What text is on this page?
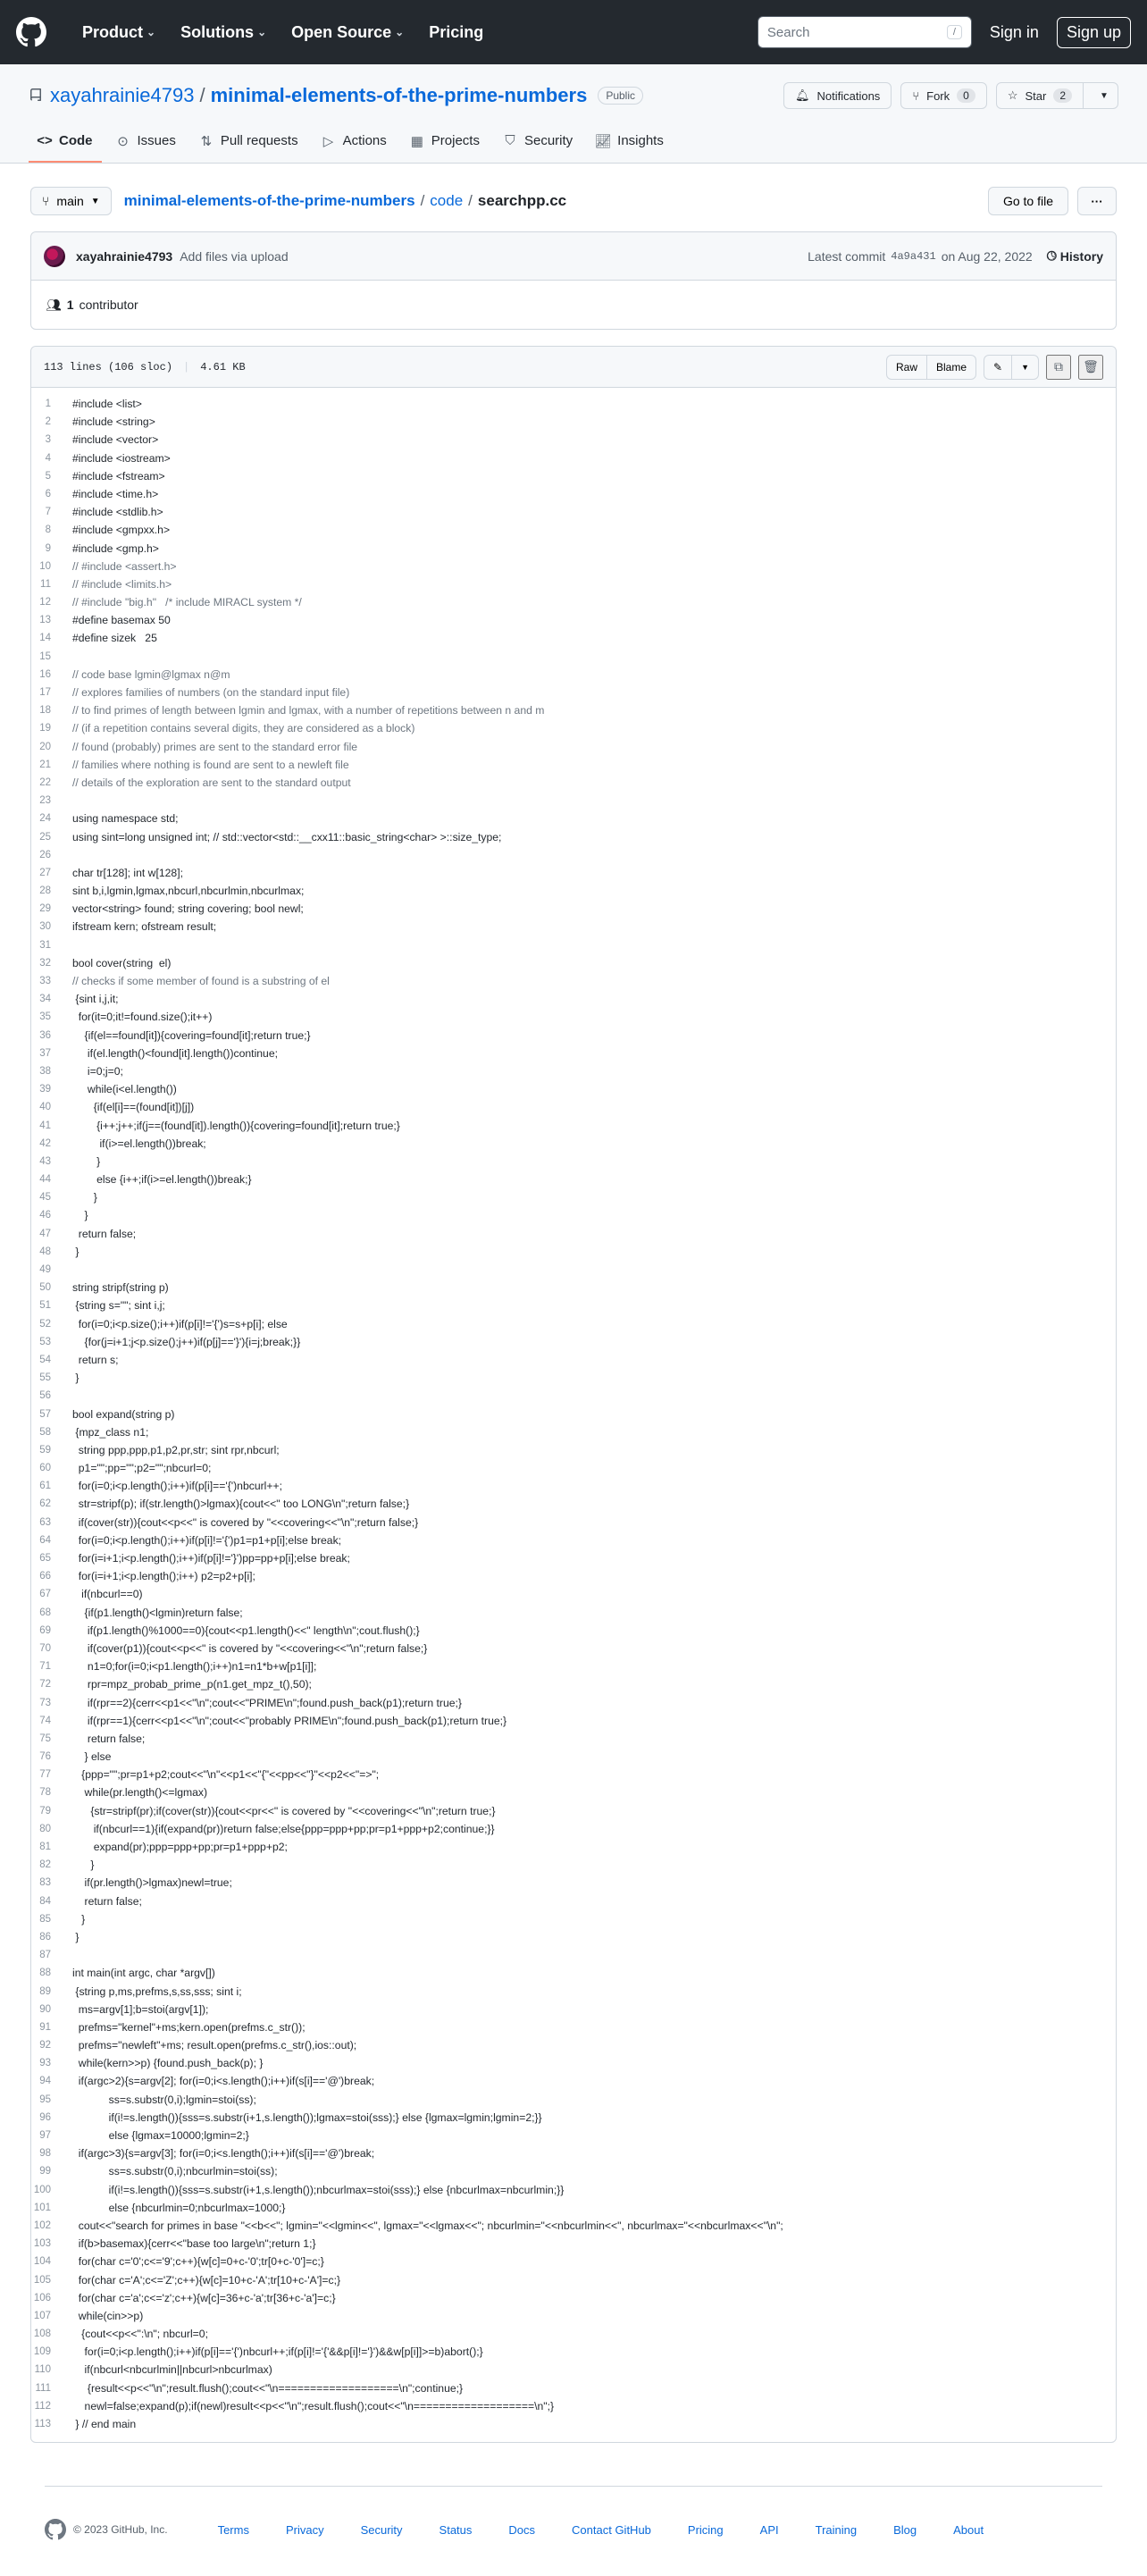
Product ⌄ Solutions ⌄ Open Source ⌄ Pricing
Search	/	Sign in	Sign up
xayahrainie4793 / minimal-elements-of-the-prime-numbers	Public	🔔︎ Notifications	⑂ Fork	0	☆ Star	2	▼
<> Code ⊙ Issues ⇅ Pull requests ▷ Actions ▦ Projects ⛉ Security 📈︎ Insights
⑂ main ▼ minimal-elements-of-the-prime-numbers / code / searchpp.cc	Go to file	···
xayahrainie4793 Add files via upload	Latest commit 4a9a431 on Aug 22, 2022 🕓︎ History
👥︎ 1 contributor
113 lines (106 sloc) | 4.61 KB	Raw	Blame	✎ ▼ ⧉ 🗑︎
1	#include <list>
2	#include <string>
3	#include <vector>
4	#include <iostream>
5	#include <fstream>
6	#include <time.h>
7	#include <stdlib.h>
8	#include <gmpxx.h>
9	#include <gmp.h>
10	// #include <assert.h>
11	// #include <limits.h>
12	// #include "big.h"   /* include MIRACL system */
13	#define basemax 50
14	#define sizek   25
15
16	// code base lgmin@lgmax n@m
17	// explores families of numbers (on the standard input file)
18	// to find primes of length between lgmin and lgmax, with a number of repetitions between n and m
19	// (if a repetition contains several digits, they are considered as a block)
20	// found (probably) primes are sent to the standard error file
21	// families where nothing is found are sent to a newleft file
22	// details of the exploration are sent to the standard output
23
24	using namespace std;
25	using sint=long unsigned int; // std::vector<std::__cxx11::basic_string<char> >::size_type;
26
27	char tr[128]; int w[128];
28	sint b,i,lgmin,lgmax,nbcurl,nbcurlmin,nbcurlmax;
29	vector<string> found; string covering; bool newl;
30	ifstream kern; ofstream result;
31
32	bool cover(string  el)
33	// checks if some member of found is a substring of el
34	{sint i,j,it;
35	for(it=0;it!=found.size();it++)
36	{if(el==found[it]){covering=found[it];return true;}
37	if(el.length()<found[it].length())continue;
38	i=0;j=0;
39	while(i<el.length())
40	{if(el[i]==(found[it])[j])
41	{i++;j++;if(j==(found[it]).length()){covering=found[it];return true;}
42	if(i>=el.length())break;
43	}
44	else {i++;if(i>=el.length())break;}
45	}
46	}
47	return false;
48	}
49
50	string stripf(string p)
51	{string s=""; sint i,j;
52	for(i=0;i<p.size();i++)if(p[i]!='{')s=s+p[i]; else
53	{for(j=i+1;j<p.size();j++)if(p[j]=='}'){i=j;break;}}
54	return s;
55	}
56
57	bool expand(string p)
58	{mpz_class n1;
59	string ppp,ppp,p1,p2,pr,str; sint rpr,nbcurl;
60	p1="";pp="";p2="";nbcurl=0;
61	for(i=0;i<p.length();i++)if(p[i]=='{')nbcurl++;
62	str=stripf(p); if(str.length()>lgmax){cout<<" too LONG\n";return false;}
63	if(cover(str)){cout<<p<<" is covered by "<<covering<<"\n";return false;}
64	for(i=0;i<p.length();i++)if(p[i]!='{')p1=p1+p[i];else break;
65	for(i=i+1;i<p.length();i++)if(p[i]!='}')pp=pp+p[i];else break;
66	for(i=i+1;i<p.length();i++) p2=p2+p[i];
67	if(nbcurl==0)
68	{if(p1.length()<lgmin)return false;
69	if(p1.length()%1000==0){cout<<p1.length()<<" length\n";cout.flush();}
70	if(cover(p1)){cout<<p<<" is covered by "<<covering<<"\n";return false;}
71	n1=0;for(i=0;i<p1.length();i++)n1=n1*b+w[p1[i]];
72	rpr=mpz_probab_prime_p(n1.get_mpz_t(),50);
73	if(rpr==2){cerr<<p1<<"\n";cout<<"PRIME\n";found.push_back(p1);return true;}
74	if(rpr==1){cerr<<p1<<"\n";cout<<"probably PRIME\n";found.push_back(p1);return true;}
75	return false;
76	} else
77	{ppp="";pr=p1+p2;cout<<"\n"<<p1<<"{"<<pp<<"}"<<p2<<"=>";
78	while(pr.length()<=lgmax)
79	{str=stripf(pr);if(cover(str)){cout<<pr<<" is covered by "<<covering<<"\n";return true;}
80	if(nbcurl==1){if(expand(pr))return false;else{ppp=ppp+pp;pr=p1+ppp+p2;continue;}}
81	expand(pr);ppp=ppp+pp;pr=p1+ppp+p2;
82	}
83	if(pr.length()>lgmax)newl=true;
84	return false;
85	}
86	}
87
88	int main(int argc, char *argv[])
89	{string p,ms,prefms,s,ss,sss; sint i;
90	ms=argv[1];b=stoi(argv[1]);
91	prefms="kernel"+ms;kern.open(prefms.c_str());
92	prefms="newleft"+ms; result.open(prefms.c_str(),ios::out);
93	while(kern>>p) {found.push_back(p); }
94	if(argc>2){s=argv[2]; for(i=0;i<s.length();i++)if(s[i]=='@')break;
95	ss=s.substr(0,i);lgmin=stoi(ss);
96	if(i!=s.length()){sss=s.substr(i+1,s.length());lgmax=stoi(sss);} else {lgmax=lgmin;lgmin=2;}}
97	else {lgmax=10000;lgmin=2;}
98	if(argc>3){s=argv[3]; for(i=0;i<s.length();i++)if(s[i]=='@')break;
99	ss=s.substr(0,i);nbcurlmin=stoi(ss);
100	if(i!=s.length()){sss=s.substr(i+1,s.length());nbcurlmax=stoi(sss);} else {nbcurlmax=nbcurlmin;}}
101	else {nbcurlmin=0;nbcurlmax=1000;}
102	cout<<"search for primes in base "<<b<<"; lgmin="<<lgmin<<", lgmax="<<lgmax<<"; nbcurlmin="<<nbcurlmin<<", nbcurlmax="<<nbcurlmax<<"\n";
103	if(b>basemax){cerr<<"base too large\n";return 1;}
104	for(char c='0';c<='9';c++){w[c]=0+c-'0';tr[0+c-'0']=c;}
105	for(char c='A';c<='Z';c++){w[c]=10+c-'A';tr[10+c-'A']=c;}
106	for(char c='a';c<='z';c++){w[c]=36+c-'a';tr[36+c-'a']=c;}
107	while(cin>>p)
108	{cout<<p<<":\n"; nbcurl=0;
109	for(i=0;i<p.length();i++)if(p[i]=='{')nbcurl++;if(p[i]!='{'&&p[i]!='}')&&w[p[i]]>=b)abort();}
110	if(nbcurl<nbcurlmin||nbcurl>nbcurlmax)
111	{result<<p<<"\n";result.flush();cout<<"\n===================\n";continue;}
112	newl=false;expand(p);if(newl)result<<p<<"\n";result.flush();cout<<"\n===================\n";}
113	} // end main
© 2023 GitHub, Inc.	Terms	Privacy	Security	Status	Docs	Contact GitHub	Pricing	API	Training	Blog	About
